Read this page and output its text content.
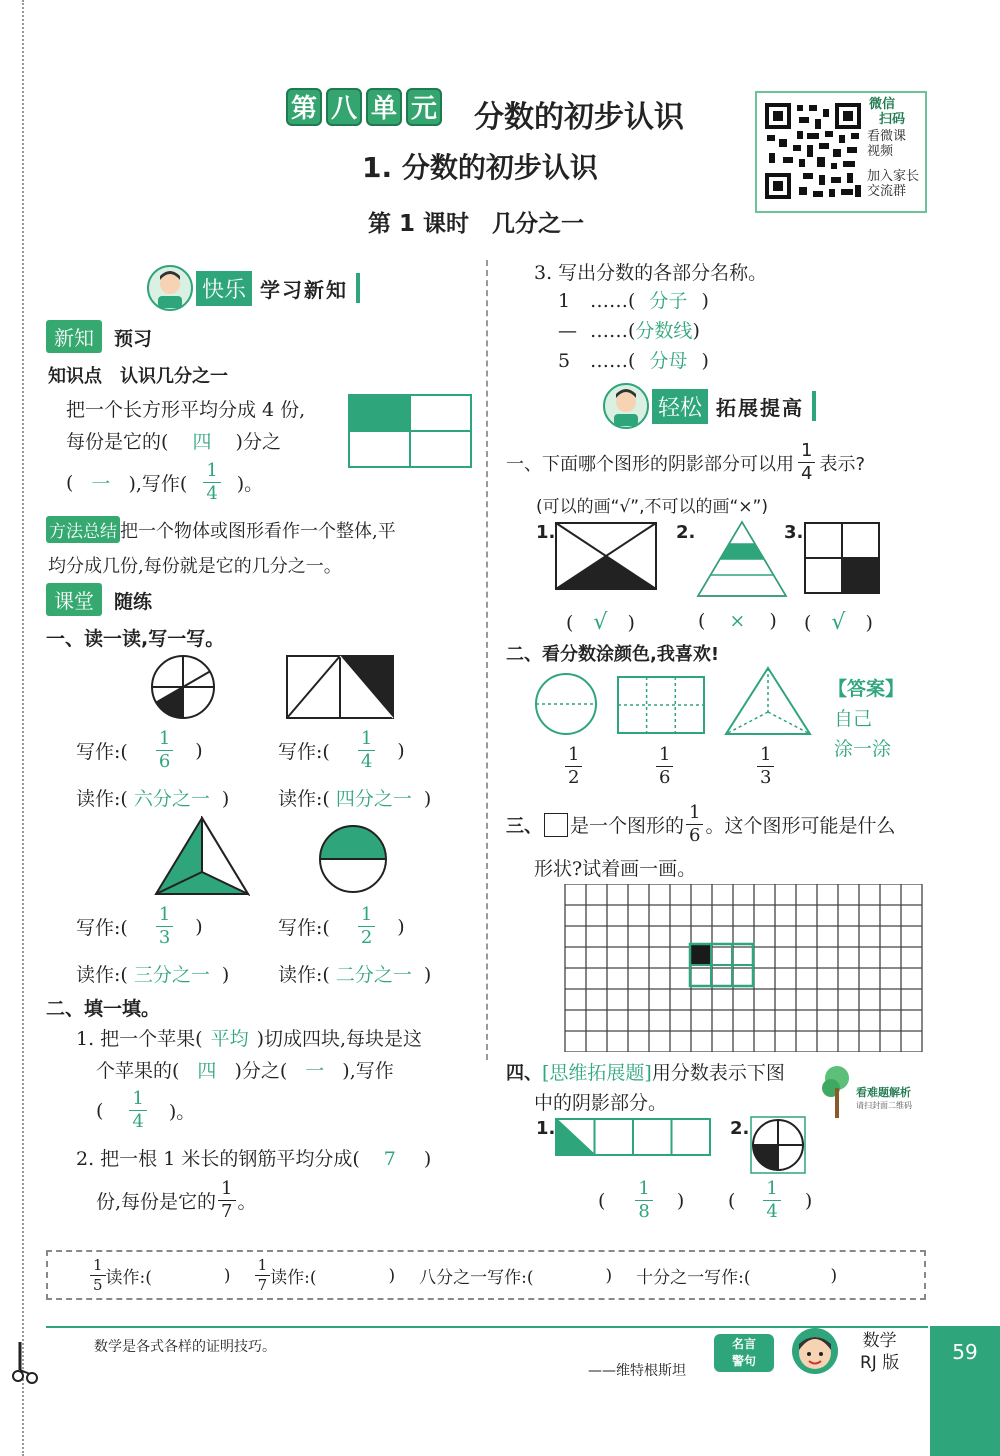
第 八 单 元 分数的初步认识
1. 分数的初步认识
第 1 课时　几分之一
微信
扫码
看微课
视频
加入家长
交流群
快乐 学习新知
新知 预习
知识点　认识几分之一
把一个长方形平均分成 4 份,
每份是它的( 四 )分之
( 一 ),写作( $\frac{1}{4}$ )。
方法总结 把一个物体或图形看作一个整体,平
均分成几份,每份就是它的几分之一。
课堂 随练
一、读一读,写一写。
写作:( $\frac{1}{6}$ )	写作:( $\frac{1}{4}$ )
读作:( 六分之一 )	读作:( 四分之一 )
写作:( $\frac{1}{3}$ )	写作:( $\frac{1}{2}$ )
读作:( 三分之一 )	读作:( 二分之一 )
二、填一填。
1. 把一个苹果( 平均 )切成四块,每块是这
个苹果的( 四 )分之( 一 ),写作
( $\frac{1}{4}$ )。
2. 把一根 1 米长的钢筋平均分成( 7 )
份,每份是它的 $\frac{1}{7}$ 。
3. 写出分数的各部分名称。
1 ……( 分子 )
— ……(分数线)
5 ……( 分母 )
轻松 拓展提高
一、下面哪个图形的阴影部分可以用 $\frac{1}{4}$ 表示?
(可以的画“√”,不可以的画“×”)
1.	2.	3.
( √ )	( × ) ( √ )
二、看分数涂颜色,我喜欢!
【答案】
自己
涂一涂
$\frac{1}{2}$	$\frac{1}{6}$	$\frac{1}{3}$
三、 是一个图形的 $\frac{1}{6}$ 。这个图形可能是什么
形状?试着画一画。
四、[思维拓展题]用分数表示下图
中的阴影部分。	看难题解析
请扫封面二维码
1.	2.
( $\frac{1}{8}$ ) ( $\frac{1}{4}$ )
$\frac{1}{5}$ 读作:(	) $\frac{1}{7}$ 读作:(	) 八分之一写作:(	) 十分之一写作:(	)
数学是各式各样的证明技巧。
——维特根斯坦
名言
警句
数学
RJ 版	59
